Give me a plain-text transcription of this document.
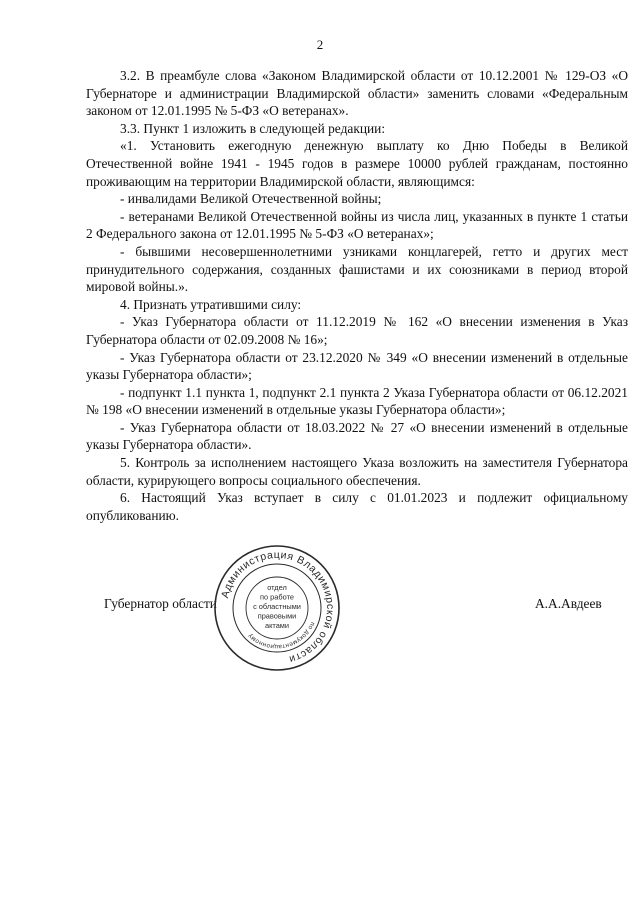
2

3.2. В преамбуле слова «Законом Владимирской области от 10.12.2001 № 129-ОЗ «О Губернаторе и администрации Владимирской области» заменить словами «Федеральным законом от 12.01.1995 № 5-ФЗ «О ветеранах».

3.3. Пункт 1 изложить в следующей редакции:

«1. Установить ежегодную денежную выплату ко Дню Победы в Великой Отечественной войне 1941 - 1945 годов в размере 10000 рублей гражданам, постоянно проживающим на территории Владимирской области, являющимся:

- инвалидами Великой Отечественной войны;

- ветеранами Великой Отечественной войны из числа лиц, указанных в пункте 1 статьи 2 Федерального закона от 12.01.1995 № 5-ФЗ «О ветеранах»;

- бывшими несовершеннолетними узниками концлагерей, гетто и других мест принудительного содержания, созданных фашистами и их союзниками в период второй мировой войны.».

4. Признать утратившими силу:

- Указ Губернатора области от 11.12.2019 № 162 «О внесении изменения в Указ Губернатора области от 02.09.2008 № 16»;

- Указ Губернатора области от 23.12.2020 № 349 «О внесении изменений в отдельные указы Губернатора области»;

- подпункт 1.1 пункта 1, подпункт 2.1 пункта 2 Указа Губернатора области от 06.12.2021 № 198 «О внесении изменений в отдельные указы Губернатора области»;

- Указ Губернатора области от 18.03.2022 № 27 «О внесении изменений в отдельные указы Губернатора области».

5. Контроль за исполнением настоящего Указа возложить на заместителя Губернатора области, курирующего вопросы социального обеспечения.

6. Настоящий Указ вступает в силу с 01.01.2023 и подлежит официальному опубликованию.

Губернатор области	А.А.Авдеев
Администрация Владимирской области
по документационному
отдел
по работе
с областными
правовыми
актами
